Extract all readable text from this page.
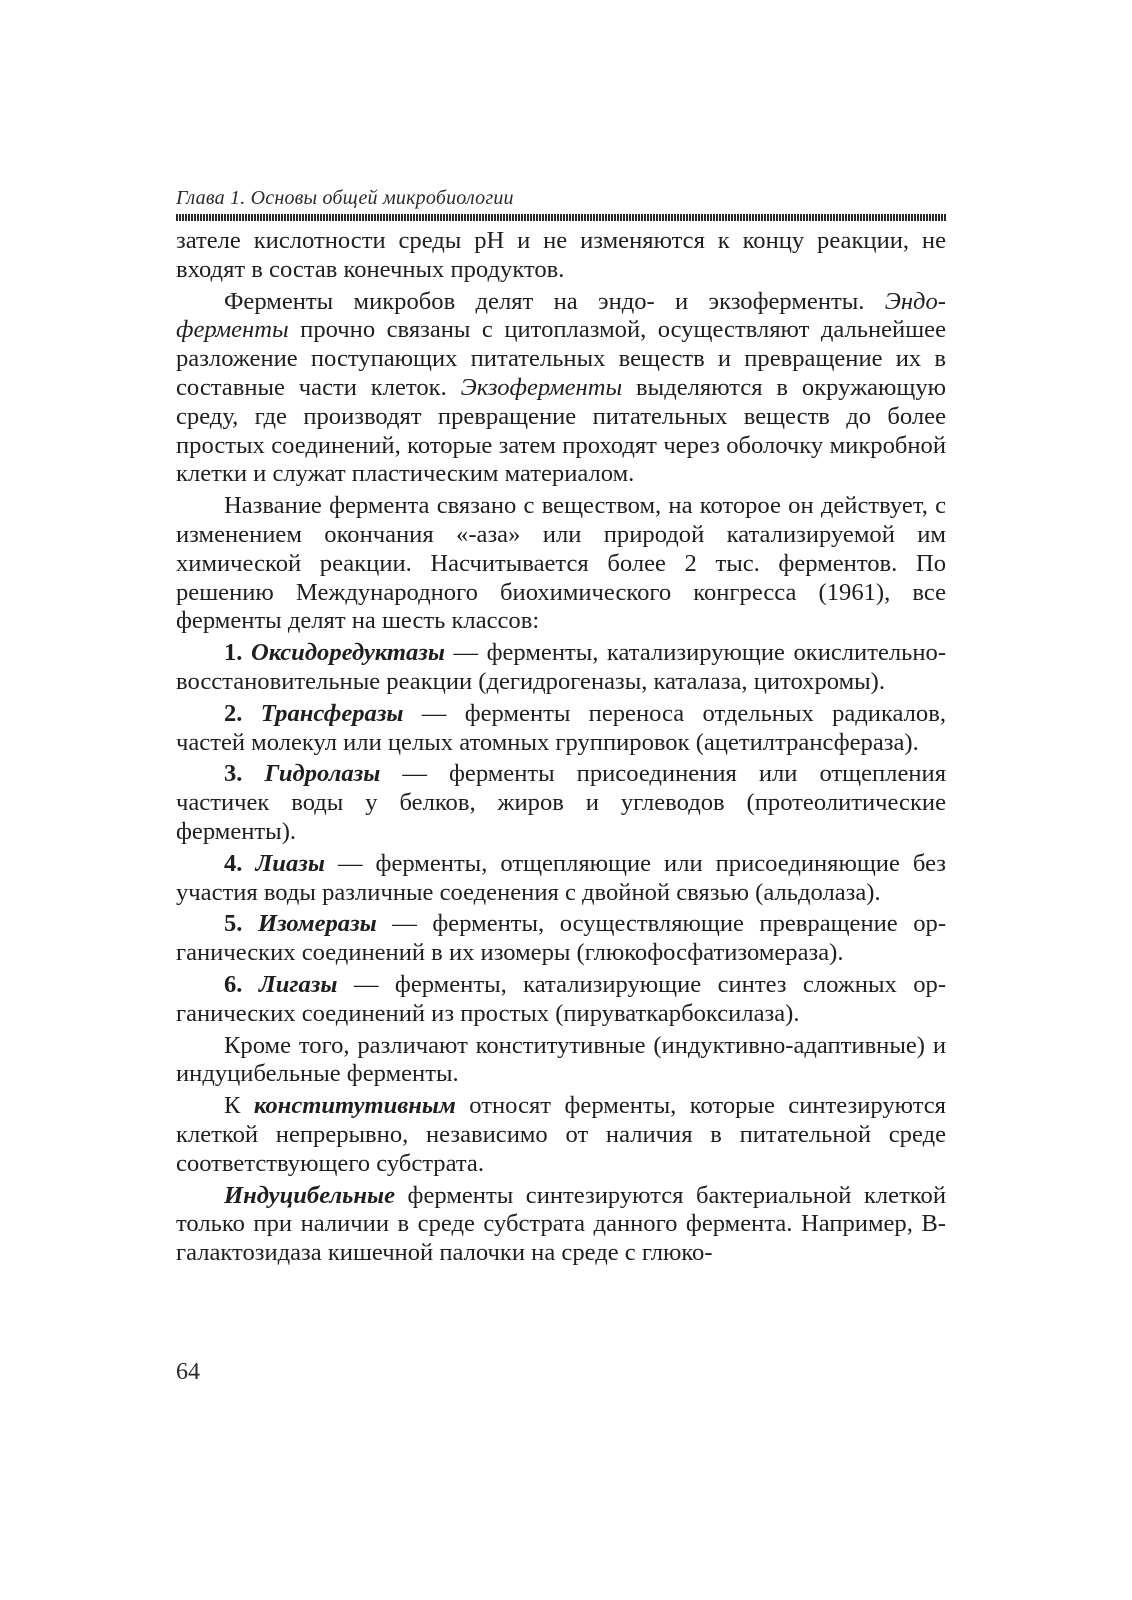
Глава 1. Основы общей микробиологии

зателе кислотности среды pH и не изменяются к концу реакции, не входят в состав конечных продуктов.

Ферменты микробов делят на эндо- и экзоферменты. Эндоферменты прочно связаны с цитоплазмой, осуществляют дальнейшее разложение поступающих питательных веществ и превращение их в составные части клеток. Экзоферменты выделяются в окружающую среду, где производят превращение питательных веществ до более простых соединений, которые затем проходят через оболочку микробной клетки и служат пластическим материалом.

Название фермента связано с веществом, на которое он действует, с изменением окончания «-аза» или природой катализируемой им химической реакции. Насчитывается более 2 тыс. ферментов. По решению Международного биохимического конгресса (1961), все ферменты делят на шесть классов:

1. Оксидоредуктазы — ферменты, катализирующие окислительно-восстановительные реакции (дегидрогеназы, каталаза, цитохромы).

2. Трансферазы — ферменты переноса отдельных радикалов, частей молекул или целых атомных группировок (ацетилтрансфераза).

3. Гидролазы — ферменты присоединения или отщепления частичек воды у белков, жиров и углеводов (протеолитические ферменты).

4. Лиазы — ферменты, отщепляющие или присоединяющие без участия воды различные соеденения с двойной связью (альдолаза).

5. Изомеразы — ферменты, осуществляющие превращение органических соединений в их изомеры (глюкофосфатизомераза).

6. Лигазы — ферменты, катализирующие синтез сложных органических соединений из простых (пируваткарбоксилаза).

Кроме того, различают конститутивные (индуктивно-адаптивные) и индуцибельные ферменты.

К конститутивным относят ферменты, которые синтезируются клеткой непрерывно, независимо от наличия в питательной среде соответствующего субстрата.

Индуцибельные ферменты синтезируются бактериальной клеткой только при наличии в среде субстрата данного фермента. Например, В-галактозидаза кишечной палочки на среде с глюко-

64
